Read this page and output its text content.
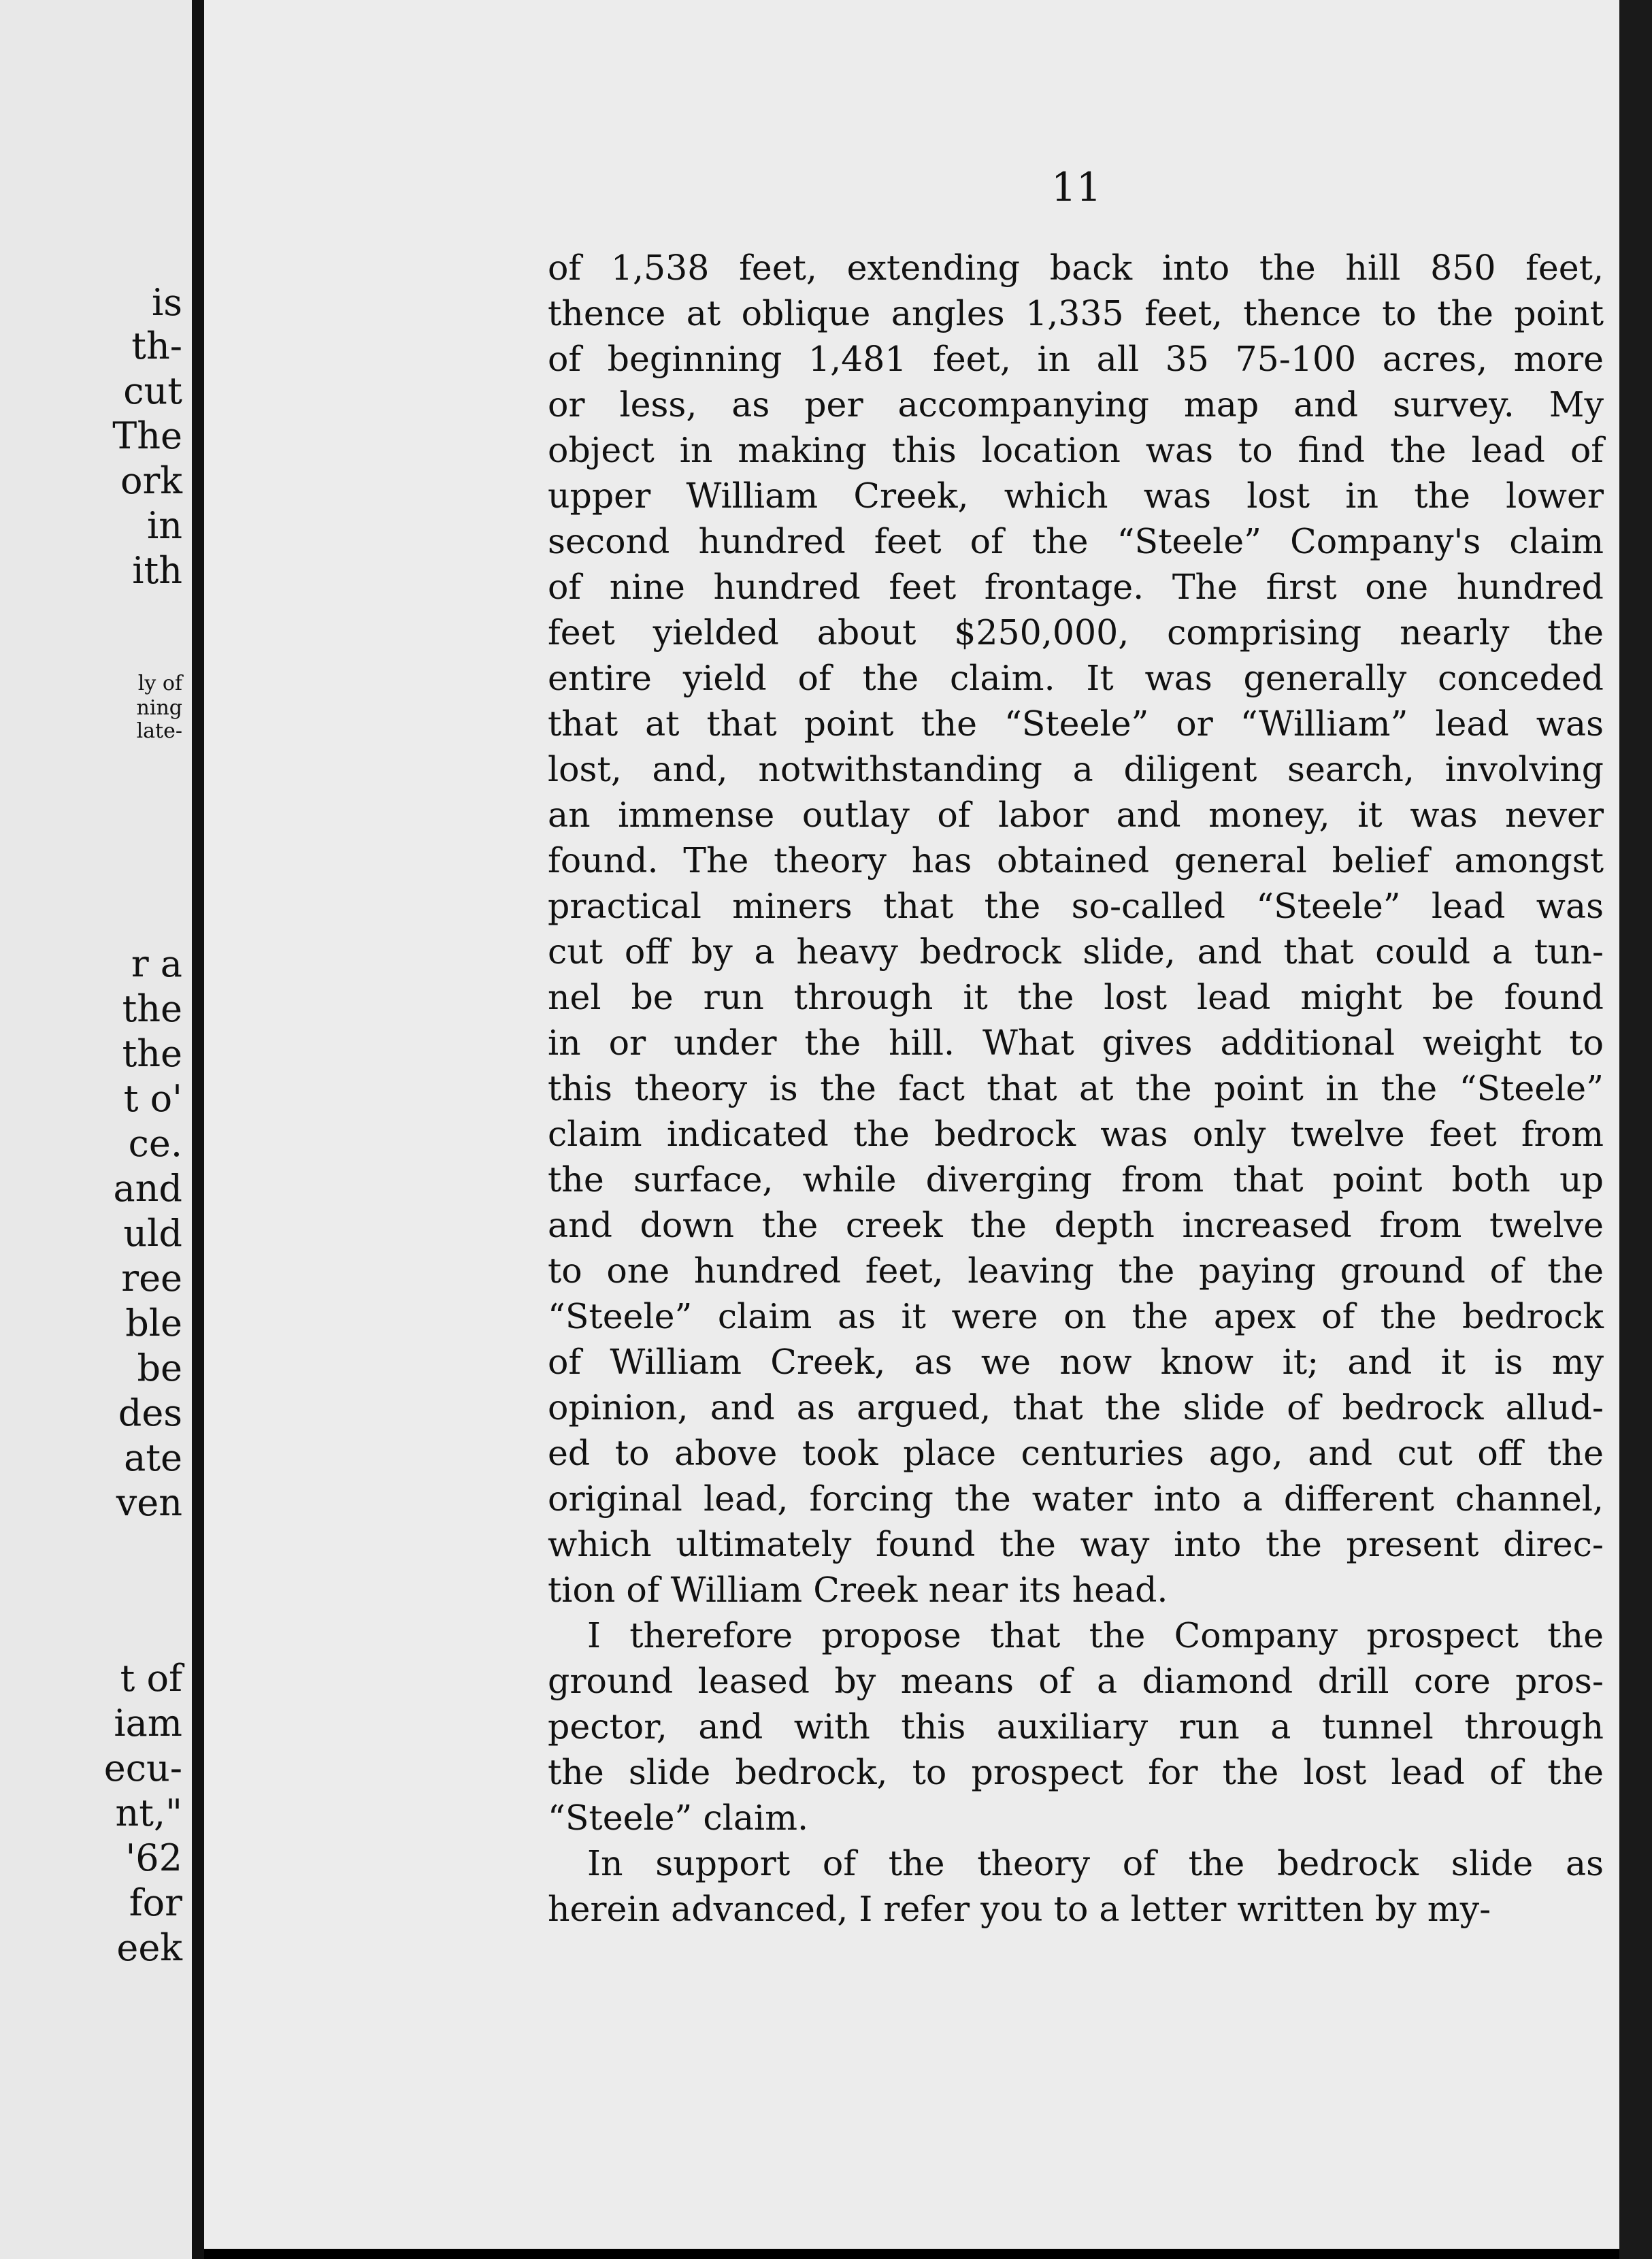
is
th-
cut
The
ork
in
ith
ly of
ning
late-
r a
the
the
t o'
ce.
and
uld
ree
ble
be
des
ate
ven
t of
iam
ecu-
nt,"
'62
for
eek
11
of 1,538 feet, extending back into the hill 850 feet,
thence at oblique angles 1,335 feet, thence to the point
of beginning 1,481 feet, in all 35 75-100 acres, more
or less, as per accompanying map and survey. My
object in making this location was to find the lead of
upper William Creek, which was lost in the lower
second hundred feet of the “Steele” Company's claim
of nine hundred feet frontage. The first one hundred
feet yielded about $250,000, comprising nearly the
entire yield of the claim. It was generally conceded
that at that point the “Steele” or “William” lead was
lost, and, notwithstanding a diligent search, involving
an immense outlay of labor and money, it was never
found. The theory has obtained general belief amongst
practical miners that the so-called “Steele” lead was
cut off by a heavy bedrock slide, and that could a tun-
nel be run through it the lost lead might be found
in or under the hill. What gives additional weight to
this theory is the fact that at the point in the “Steele”
claim indicated the bedrock was only twelve feet from
the surface, while diverging from that point both up
and down the creek the depth increased from twelve
to one hundred feet, leaving the paying ground of the
“Steele” claim as it were on the apex of the bedrock
of William Creek, as we now know it; and it is my
opinion, and as argued, that the slide of bedrock allud-
ed to above took place centuries ago, and cut off the
original lead, forcing the water into a different channel,
which ultimately found the way into the present direc-
tion of William Creek near its head.
I therefore propose that the Company prospect the
ground leased by means of a diamond drill core pros-
pector, and with this auxiliary run a tunnel through
the slide bedrock, to prospect for the lost lead of the
“Steele” claim.
In support of the theory of the bedrock slide as
herein advanced, I refer you to a letter written by my-
